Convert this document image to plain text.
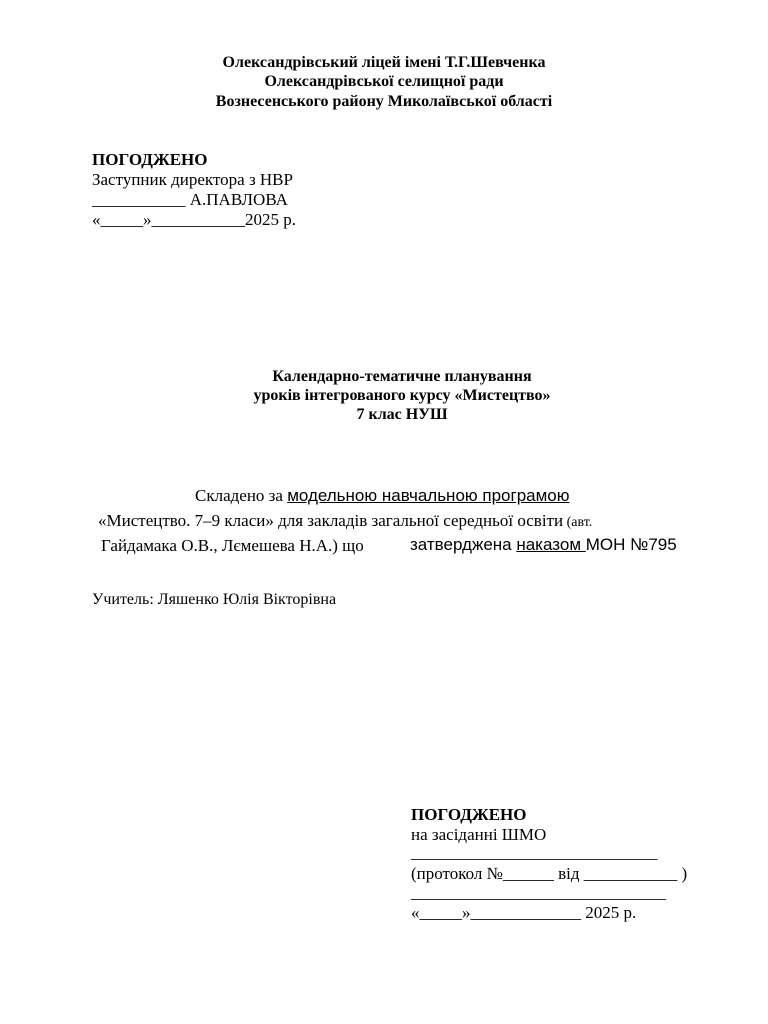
Олександрівський ліцей імені Т.Г.Шевченка
Олександрівської селищної ради
Вознесенського району Миколаївської області
ПОГОДЖЕНО
Заступник директора з НВР
___________ А.ПАВЛОВА
«_____»___________2025 р.
Календарно-тематичне планування
уроків інтегрованого курсу «Мистецтво»
7 клас НУШ
Складено за модельною навчальною програмою
«Мистецтво. 7–9 класи» для закладів загальної середньої освіти (авт.
Гайдамака О.В., Лємешева Н.А.) що	затверджена наказом МОН №795
Учитель: Ляшенко Юлія Вікторівна
ПОГОДЖЕНО
на засіданні ШМО
_____________________________
(протокол №______ від ___________ )
______________________________
«_____»_____________ 2025 р.
